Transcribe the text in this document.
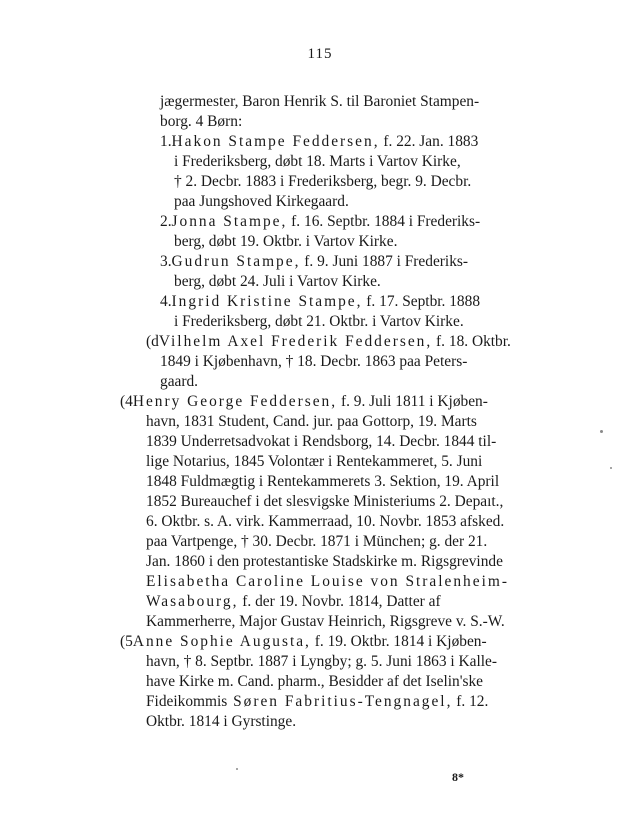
115
jægermester, Baron Henrik S. til Baroniet Stampen-
borg. 4 Børn:
1.Hakon Stampe Feddersen, f. 22. Jan. 1883
i Frederiksberg, døbt 18. Marts i Vartov Kirke,
† 2. Decbr. 1883 i Frederiksberg, begr. 9. Decbr.
paa Jungshoved Kirkegaard.
2.Jonna Stampe, f. 16. Septbr. 1884 i Frederiks-
berg, døbt 19. Oktbr. i Vartov Kirke.
3.Gudrun Stampe, f. 9. Juni 1887 i Frederiks-
berg, døbt 24. Juli i Vartov Kirke.
4.Ingrid Kristine Stampe, f. 17. Septbr. 1888
i Frederiksberg, døbt 21. Oktbr. i Vartov Kirke.
(dVilhelm Axel Frederik Feddersen, f. 18. Oktbr.
1849 i Kjøbenhavn, † 18. Decbr. 1863 paa Peters-
gaard.
(4Henry George Feddersen, f. 9. Juli 1811 i Kjøben-
havn, 1831 Student, Cand. jur. paa Gottorp, 19. Marts
1839 Underretsadvokat i Rendsborg, 14. Decbr. 1844 til-
lige Notarius, 1845 Volontær i Rentekammeret, 5. Juni
1848 Fuldmægtig i Rentekammerets 3. Sektion, 19. April
1852 Bureauchef i det slesvigske Ministeriums 2. Depaı​t.,
6. Oktbr. s. A. virk. Kammerraad, 10. Novbr. 1853 afsked.
paa Vartpenge, † 30. Decbr. 1871 i München; g. der 21.
Jan. 1860 i den protestantiske Stadskirke m. Rigsgrevinde
Elisabetha Caroline Louise von Stralenheim-
Wasabourg, f. der 19. Novbr. 1814, Datter af
Kammerherre, Major Gustav Heinrich, Rigsgreve v. S.-W.
(5Anne Sophie Augusta, f. 19. Oktbr. 1814 i Kjøben-
havn, † 8. Septbr. 1887 i Lyngby; g. 5. Juni 1863 i Kalle-
have Kirke m. Cand. pharm., Besidder af det Iselin'ske
Fideikommis Søren Fabritius-Tengnagel, f. 12.
Oktbr. 1814 i Gyrstinge.
8*
